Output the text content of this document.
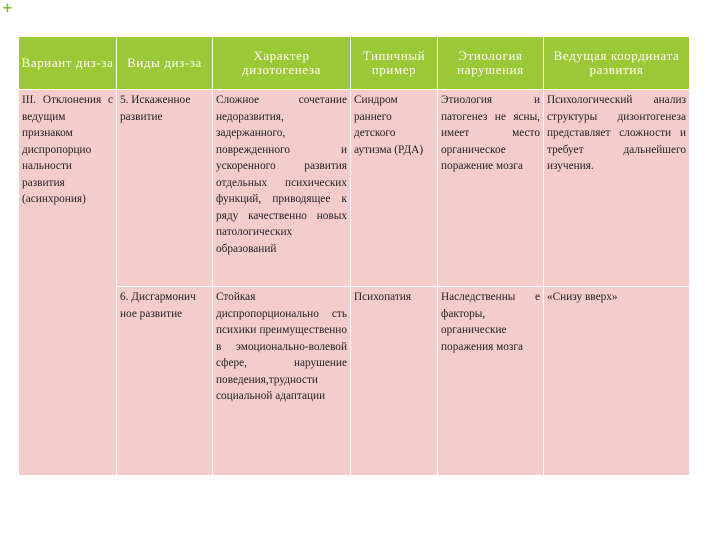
+
Вариант диз-за	Виды диз-за	Характер дизотогенеза	Типичный пример	Этиология нарушения	Ведущая координата развития

III. Отклонения с ведущим признаком диспропорцио нальности развития (асинхрония)	5. Искаженное развитие	Сложное сочетание недоразвития, задержанного, поврежденного и ускоренного развития отдельных психических функций, приводящее к ряду качественно новых патологических образований	Синдром раннего детского аутизма (РДА)	Этиология и патогенез не ясны, имеет место органическое поражение мозга	Психологический анализ структуры дизонтогенеза представляет сложности и требует дальнейшего изучения.

	6. Дисгармонич ное развитие	Стойкая диспропорционально сть психики преимущественно в эмоционально-волевой сфере, нарушение поведения,трудности социальной адаптации	Психопатия	Наследственны е факторы, органические поражения мозга	«Снизу вверх»
